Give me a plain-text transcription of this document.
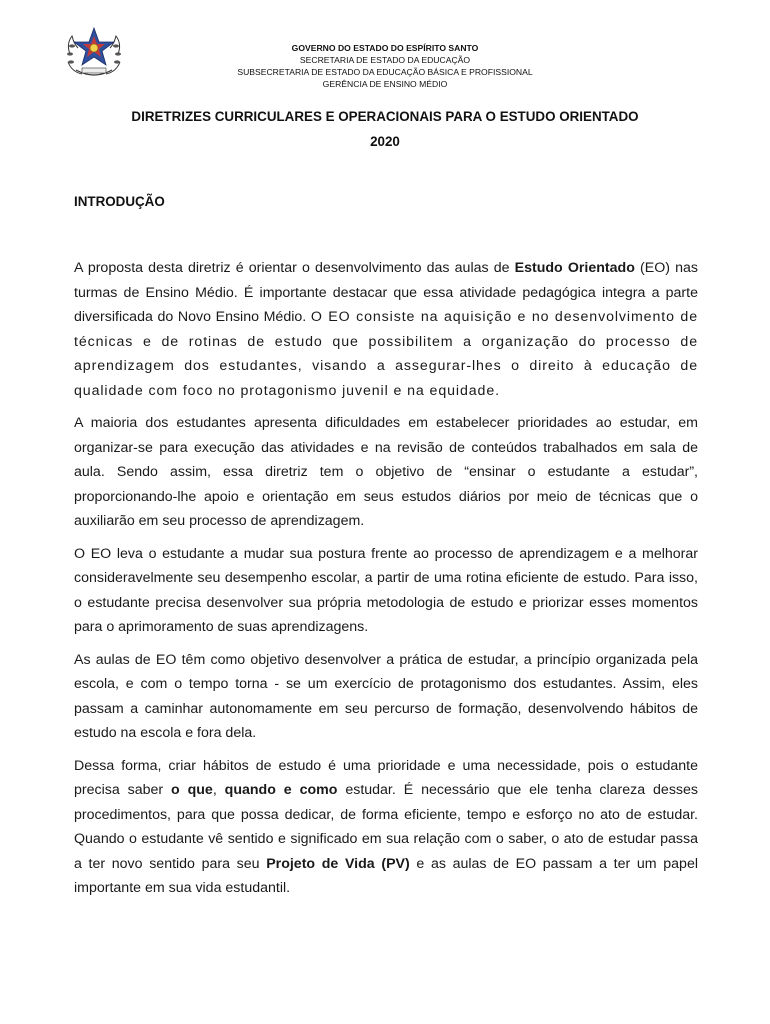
GOVERNO DO ESTADO DO ESPÍRITO SANTO
SECRETARIA DE ESTADO DA EDUCAÇÃO
SUBSECRETARIA DE ESTADO DA EDUCAÇÃO BÁSICA E PROFISSIONAL
GERÊNCIA DE ENSINO MÉDIO
DIRETRIZES CURRICULARES E OPERACIONAIS PARA O ESTUDO ORIENTADO
2020
INTRODUÇÃO

A proposta desta diretriz é orientar o desenvolvimento das aulas de Estudo Orientado (EO) nas turmas de Ensino Médio. É importante destacar que essa atividade pedagógica integra a parte diversificada do Novo Ensino Médio. O EO consiste na aquisição e no desenvolvimento de técnicas e de rotinas de estudo que possibilitem a organização do processo de aprendizagem dos estudantes, visando a assegurar-lhes o direito à educação de qualidade com foco no protagonismo juvenil e na equidade.

A maioria dos estudantes apresenta dificuldades em estabelecer prioridades ao estudar, em organizar-se para execução das atividades e na revisão de conteúdos trabalhados em sala de aula. Sendo assim, essa diretriz tem o objetivo de “ensinar o estudante a estudar”, proporcionando-lhe apoio e orientação em seus estudos diários por meio de técnicas que o auxiliarão em seu processo de aprendizagem.

O EO leva o estudante a mudar sua postura frente ao processo de aprendizagem e a melhorar consideravelmente seu desempenho escolar, a partir de uma rotina eficiente de estudo. Para isso, o estudante precisa desenvolver sua própria metodologia de estudo e priorizar esses momentos para o aprimoramento de suas aprendizagens.

As aulas de EO têm como objetivo desenvolver a prática de estudar, a princípio organizada pela escola, e com o tempo torna - se um exercício de protagonismo dos estudantes. Assim, eles passam a caminhar autonomamente em seu percurso de formação, desenvolvendo hábitos de estudo na escola e fora dela.

Dessa forma, criar hábitos de estudo é uma prioridade e uma necessidade, pois o estudante precisa saber o que, quando e como estudar. É necessário que ele tenha clareza desses procedimentos, para que possa dedicar, de forma eficiente, tempo e esforço no ato de estudar. Quando o estudante vê sentido e significado em sua relação com o saber, o ato de estudar passa a ter novo sentido para seu Projeto de Vida (PV) e as aulas de EO passam a ter um papel importante em sua vida estudantil.
